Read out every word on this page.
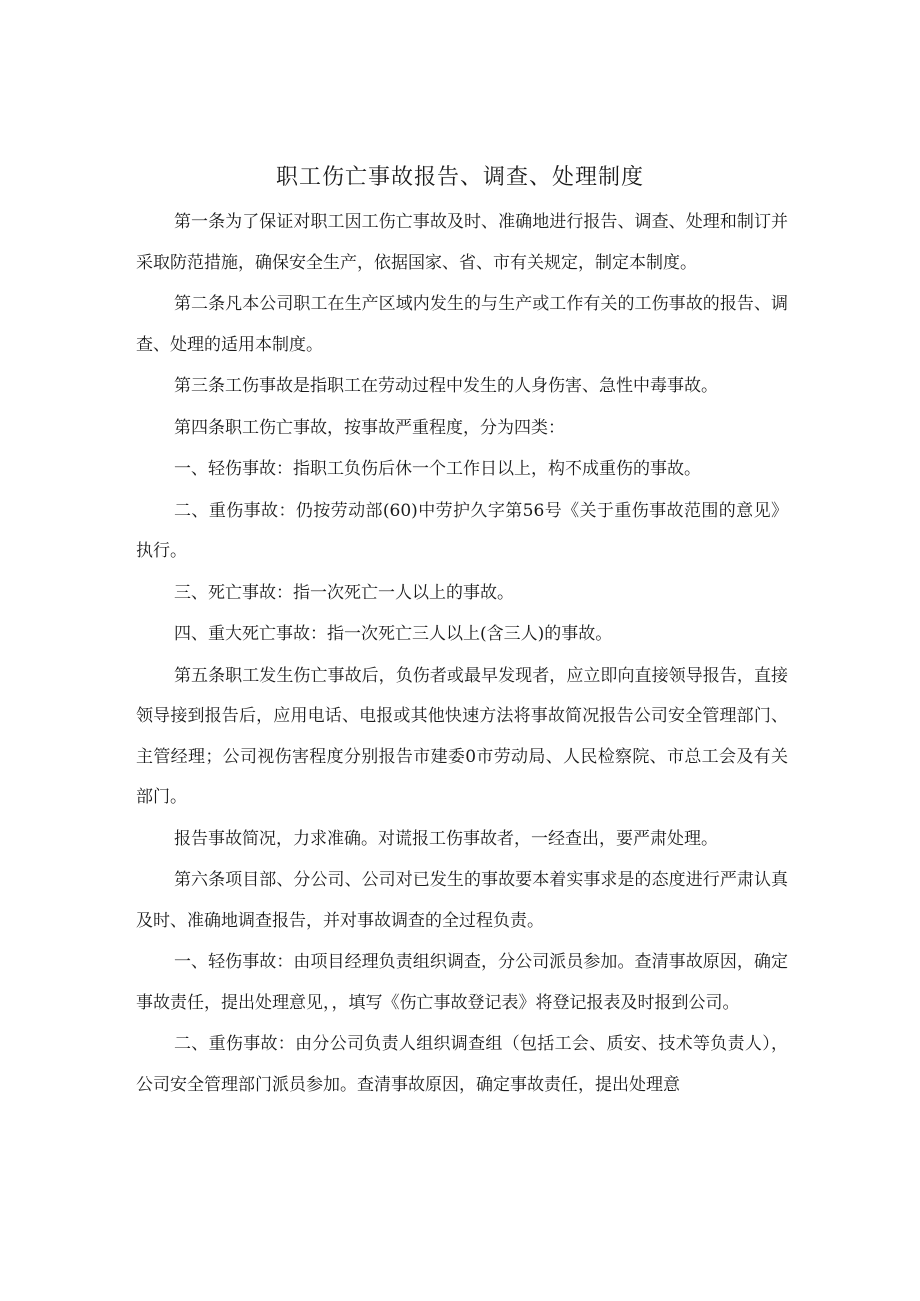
职工伤亡事故报告、调查、处理制度

第一条为了保证对职工因工伤亡事故及时、准确地进行报告、调查、处理和制订并采取防范措施，确保安全生产，依据国家、省、市有关规定，制定本制度。

第二条凡本公司职工在生产区域内发生的与生产或工作有关的工伤事故的报告、调查、处理的适用本制度。

第三条工伤事故是指职工在劳动过程中发生的人身伤害、急性中毒事故。

第四条职工伤亡事故，按事故严重程度，分为四类：

一、轻伤事故：指职工负伤后休一个工作日以上，构不成重伤的事故。

二、重伤事故：仍按劳动部(60)中劳护久字第56号《关于重伤事故范围的意见》执行。

三、死亡事故：指一次死亡一人以上的事故。

四、重大死亡事故：指一次死亡三人以上(含三人)的事故。

第五条职工发生伤亡事故后，负伤者或最早发现者，应立即向直接领导报告，直接领导接到报告后，应用电话、电报或其他快速方法将事故简况报告公司安全管理部门、主管经理；公司视伤害程度分别报告市建委0市劳动局、人民检察院、市总工会及有关部门。

报告事故简况，力求准确。对谎报工伤事故者，一经查出，要严肃处理。

第六条项目部、分公司、公司对已发生的事故要本着实事求是的态度进行严肃认真及时、准确地调查报告，并对事故调查的全过程负责。

一、轻伤事故：由项目经理负责组织调查，分公司派员参加。查清事故原因，确定事故责任，提出处理意见，，填写《伤亡事故登记表》将登记报表及时报到公司。

二、重伤事故：由分公司负责人组织调查组（包括工会、质安、技术等负责人），公司安全管理部门派员参加。查清事故原因，确定事故责任，提出处理意
